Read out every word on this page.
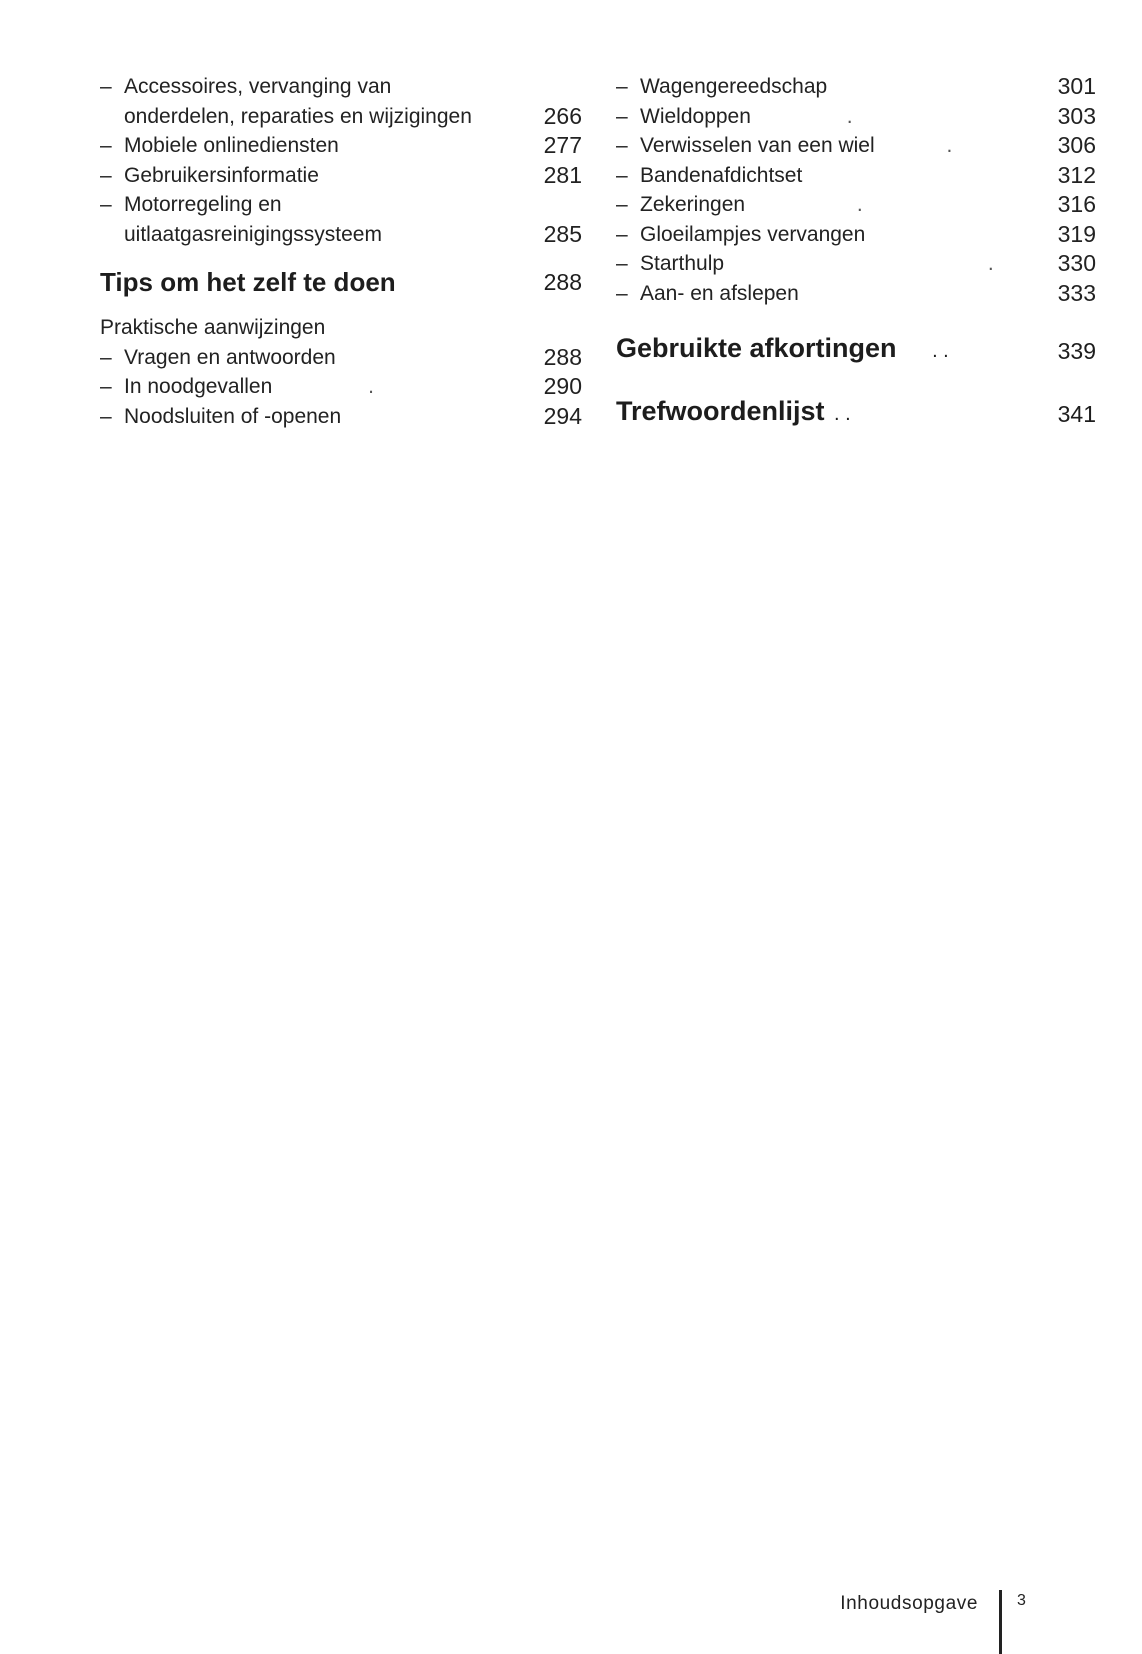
– Accessoires, vervanging van
onderdelen, reparaties en wijzigingen	266
– Mobiele onlinediensten	277
– Gebruikersinformatie	281
– Motorregeling en
uitlaatgasreinigingssysteem	285
Tips om het zelf te doen	288
Praktische aanwijzingen
– Vragen en antwoorden	288
– In noodgevallen	.	290
– Noodsluiten of -openen	294
– Wagengereedschap	301
– Wieldoppen	.	303
– Verwisselen van een wiel	.	306
– Bandenafdichtset	312
– Zekeringen	.	316
– Gloeilampjes vervangen	319
– Starthulp	.	330
– Aan- en afslepen	333
Gebruikte afkortingen . .	339
Trefwoordenlijst . .	341
Inhoudsopgave 3
